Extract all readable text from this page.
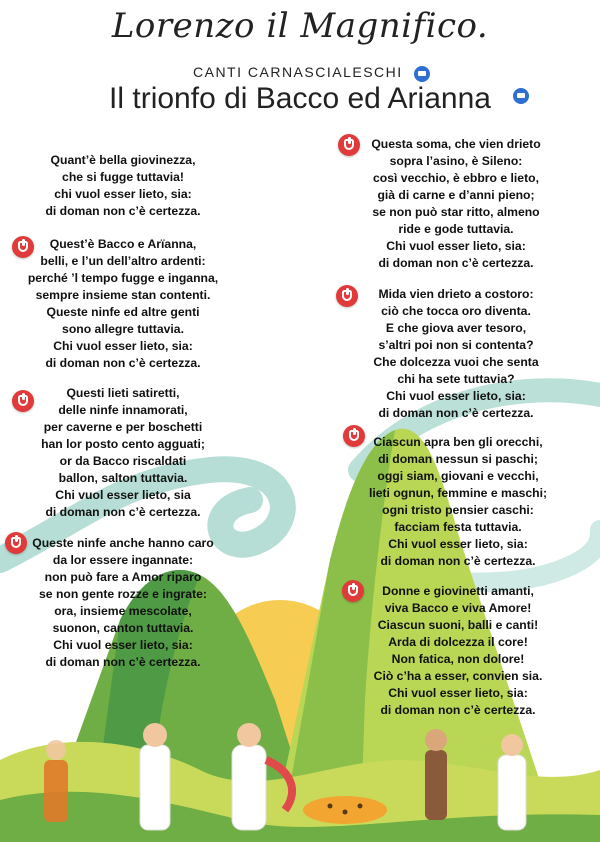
Lorenzo il Magnifico.
CANTI CARNASCIALESCHI
Il trionfo di Bacco ed Arianna
Quant’è bella giovinezza,
che si fugge tuttavia!
chi vuol esser lieto, sia:
di doman non c’è certezza.
Quest’è Bacco e Arïanna,
belli, e l’un dell’altro ardenti:
perché ’l tempo fugge e inganna,
sempre insieme stan contenti.
Queste ninfe ed altre genti
sono allegre tuttavia.
Chi vuol esser lieto, sia:
di doman non c’è certezza.
Questi lieti satiretti,
delle ninfe innamorati,
per caverne e per boschetti
han lor posto cento agguati;
or da Bacco riscaldati
ballon, salton tuttavia.
Chi vuol esser lieto, sia
di doman non c’è certezza.
Queste ninfe anche hanno caro
da lor essere ingannate:
non può fare a Amor riparo
se non gente rozze e ingrate:
ora, insieme mescolate,
suonon, canton tuttavia.
Chi vuol esser lieto, sia:
di doman non c’è certezza.
Questa soma, che vien drieto
sopra l’asino, è Sileno:
così vecchio, è ebbro e lieto,
già di carne e d’anni pieno;
se non può star ritto, almeno
ride e gode tuttavia.
Chi vuol esser lieto, sia:
di doman non c’è certezza.
Mida vien drieto a costoro:
ciò che tocca oro diventa.
E che giova aver tesoro,
s’altri poi non si contenta?
Che dolcezza vuoi che senta
chi ha sete tuttavia?
Chi vuol esser lieto, sia:
di doman non c’è certezza.
Ciascun apra ben gli orecchi,
di doman nessun si paschi;
oggi siam, giovani e vecchi,
lieti ognun, femmine e maschi;
ogni tristo pensier caschi:
facciam festa tuttavia.
Chi vuol esser lieto, sia:
di doman non c’è certezza.
Donne e giovinetti amanti,
viva Bacco e viva Amore!
Ciascun suoni, balli e canti!
Arda di dolcezza il core!
Non fatica, non dolore!
Ciò c’ha a esser, convien sia.
Chi vuol esser lieto, sia:
di doman non c’è certezza.
